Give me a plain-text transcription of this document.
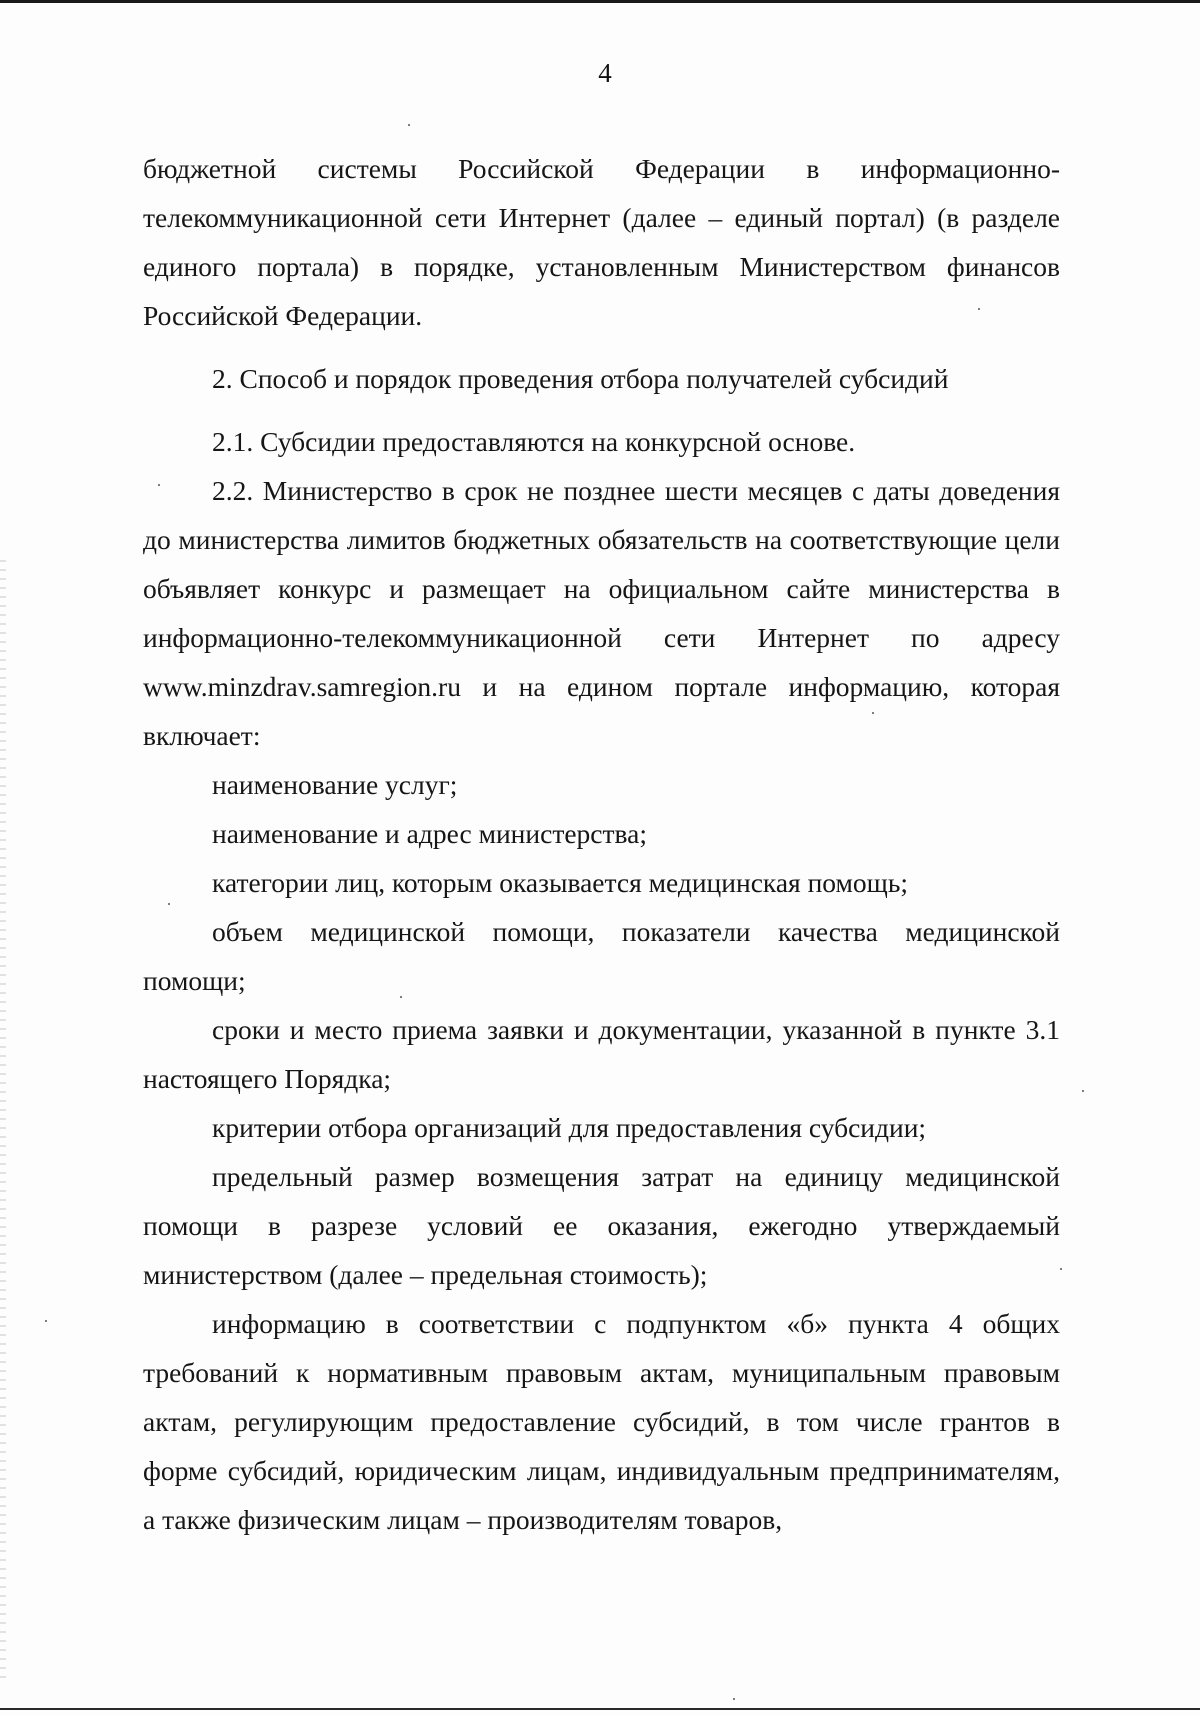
4

бюджетной системы Российской Федерации в информационно-телекоммуникационной сети Интернет (далее – единый портал) (в разделе единого портала) в порядке, установленным Министерством финансов Российской Федерации.

2. Способ и порядок проведения отбора получателей субсидий

2.1. Субсидии предоставляются на конкурсной основе.

2.2. Министерство в срок не позднее шести месяцев с даты доведения до министерства лимитов бюджетных обязательств на соответствующие цели объявляет конкурс и размещает на официальном сайте министерства в информационно-телекоммуникационной сети Интернет по адресу www.minzdrav.samregion.ru и на едином портале информацию, которая включает:

наименование услуг;

наименование и адрес министерства;

категории лиц, которым оказывается медицинская помощь;

объем медицинской помощи, показатели качества медицинской помощи;

сроки и место приема заявки и документации, указанной в пункте 3.1 настоящего Порядка;

критерии отбора организаций для предоставления субсидии;

предельный размер возмещения затрат на единицу медицинской помощи в разрезе условий ее оказания, ежегодно утверждаемый министерством (далее – предельная стоимость);

информацию в соответствии с подпунктом «б» пункта 4 общих требований к нормативным правовым актам, муниципальным правовым актам, регулирующим предоставление субсидий, в том числе грантов в форме субсидий, юридическим лицам, индивидуальным предпринимателям, а также физическим лицам – производителям товаров,
